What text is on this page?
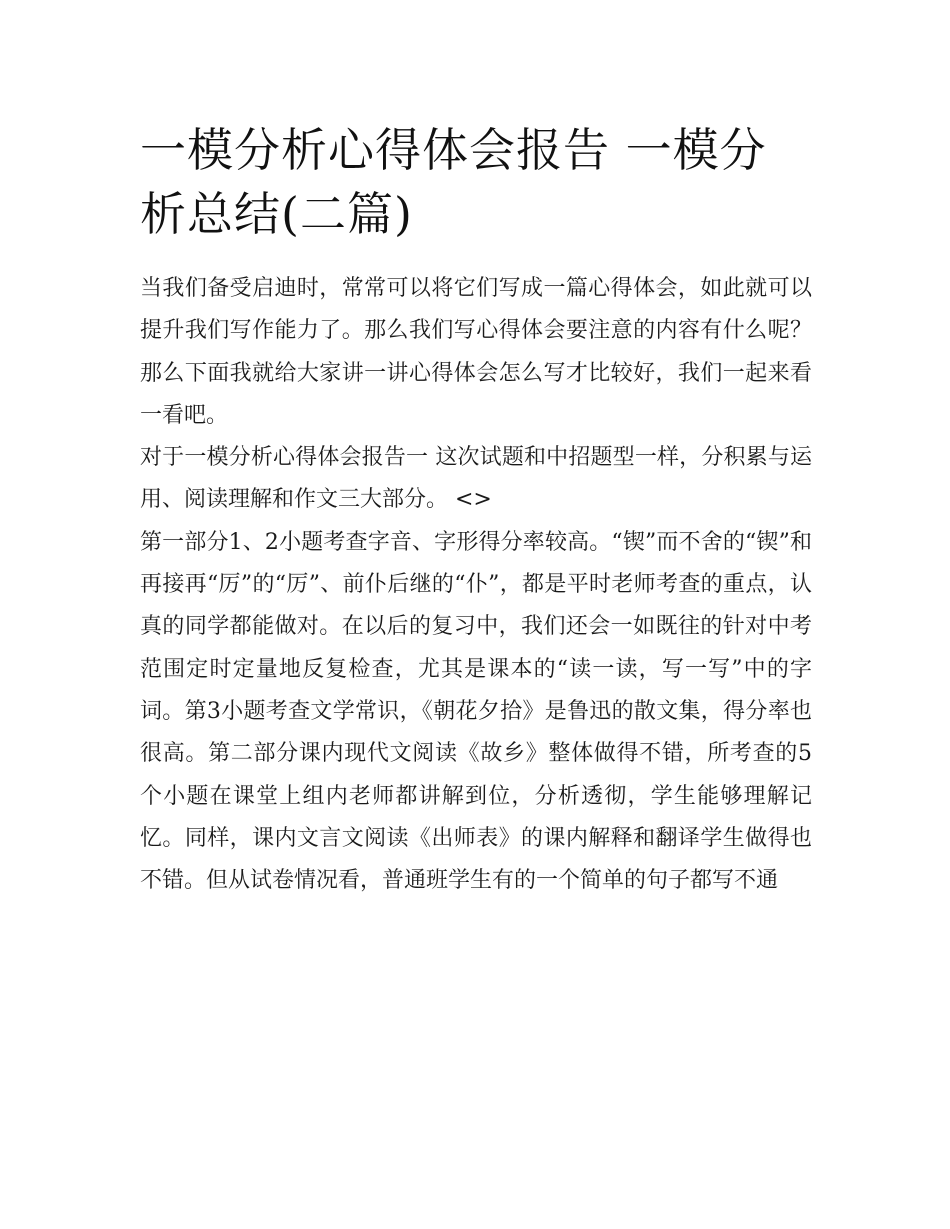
一模分析心得体会报告 一模分析总结(二篇)

当我们备受启迪时，常常可以将它们写成一篇心得体会，如此就可以提升我们写作能力了。那么我们写心得体会要注意的内容有什么呢？那么下面我就给大家讲一讲心得体会怎么写才比较好，我们一起来看一看吧。

对于一模分析心得体会报告一 这次试题和中招题型一样，分积累与运用、阅读理解和作文三大部分。 <>

第一部分1、2小题考查字音、字形得分率较高。“锲”而不舍的“锲”和再接再“厉”的“厉”、前仆后继的“仆”，都是平时老师考查的重点，认真的同学都能做对。在以后的复习中，我们还会一如既往的针对中考范围定时定量地反复检查，尤其是课本的“读一读，写一写”中的字词。第3小题考查文学常识，《朝花夕拾》是鲁迅的散文集，得分率也很高。第二部分课内现代文阅读《故乡》整体做得不错，所考查的5个小题在课堂上组内老师都讲解到位，分析透彻，学生能够理解记忆。同样，课内文言文阅读《出师表》的课内解释和翻译学生做得也不错。但从试卷情况看，普通班学生有的一个简单的句子都写不通
